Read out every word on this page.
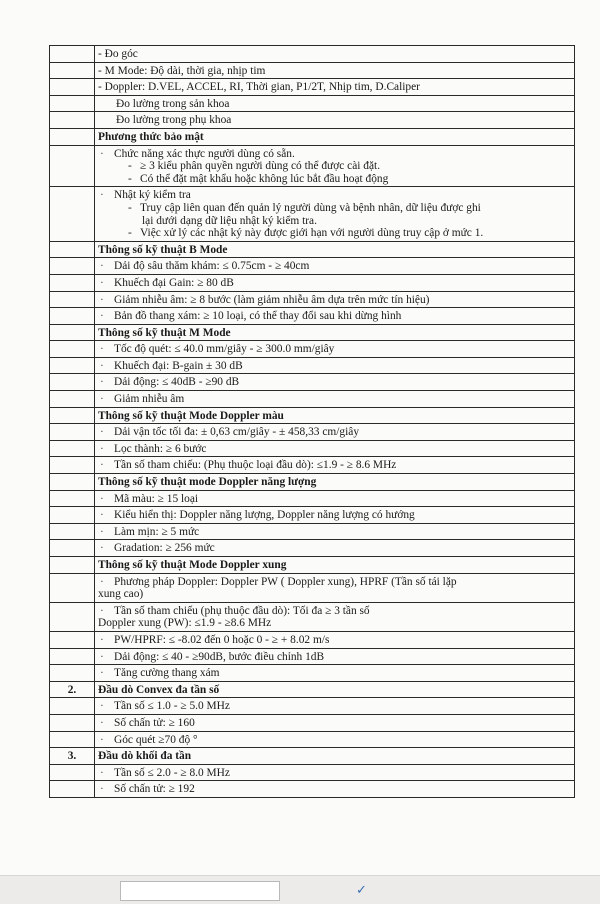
	- Đo góc

	- M Mode: Độ dài, thời gia, nhịp tim

	- Doppler: D.VEL, ACCEL, RI, Thời gian, P1/2T, Nhịp tim, D.Caliper

	Đo lường trong sản khoa

	Đo lường trong phụ khoa

	Phương thức bảo mật

	· Chức năng xác thực người dùng có sẵn.
- ≥ 3 kiểu phân quyền người dùng có thể được cài đặt.
- Có thể đặt mật khẩu hoặc không lúc bắt đầu hoạt động

	· Nhật ký kiểm tra
- Truy cập liên quan đến quản lý người dùng và bệnh nhân, dữ liệu được ghi
lại dưới dạng dữ liệu nhật ký kiểm tra.
- Việc xử lý các nhật ký này được giới hạn với người dùng truy cập ở mức 1.

	Thông số kỹ thuật B Mode

	· Dải độ sâu thăm khám: ≤ 0.75cm - ≥ 40cm

	· Khuếch đại Gain: ≥ 80 dB

	· Giảm nhiễu âm: ≥ 8 bước (làm giảm nhiễu âm dựa trên mức tín hiệu)

	· Bản đồ thang xám: ≥ 10 loại, có thể thay đổi sau khi dừng hình

	Thông số kỹ thuật M Mode

	· Tốc độ quét: ≤ 40.0 mm/giây - ≥ 300.0 mm/giây

	· Khuếch đại: B-gain ± 30 dB

	· Dải động: ≤ 40dB - ≥90 dB

	· Giảm nhiễu âm

	Thông số kỹ thuật Mode Doppler màu

	· Dải vận tốc tối đa: ± 0,63 cm/giây - ± 458,33 cm/giây

	· Lọc thành: ≥ 6 bước

	· Tần số tham chiếu: (Phụ thuộc loại đầu dò): ≤1.9 - ≥ 8.6 MHz

	Thông số kỹ thuật mode Doppler năng lượng

	· Mã màu: ≥ 15 loại

	· Kiểu hiển thị: Doppler năng lượng, Doppler năng lượng có hướng

	· Làm mịn: ≥ 5 mức

	· Gradation: ≥ 256 mức

	Thông số kỹ thuật Mode Doppler xung

	· Phương pháp Doppler: Doppler PW ( Doppler xung), HPRF (Tần số tái lặp
xung cao)

	· Tần số tham chiếu (phụ thuộc đầu dò): Tối đa ≥ 3 tần số
Doppler xung (PW): ≤1.9 - ≥8.6 MHz

	· PW/HPRF: ≤ -8.02 đến 0 hoặc 0 - ≥ + 8.02 m/s

	· Dải động: ≤ 40 - ≥90dB, bước điều chỉnh 1dB

	· Tăng cường thang xám

2.	Đầu dò Convex đa tần số

	· Tần số ≤ 1.0 - ≥ 5.0 MHz

	· Số chấn tử: ≥ 160

	· Góc quét ≥70 độ °

3.	Đầu dò khối đa tần

	· Tần số ≤ 2.0 - ≥ 8.0 MHz

	· Số chấn tử: ≥ 192
✓
